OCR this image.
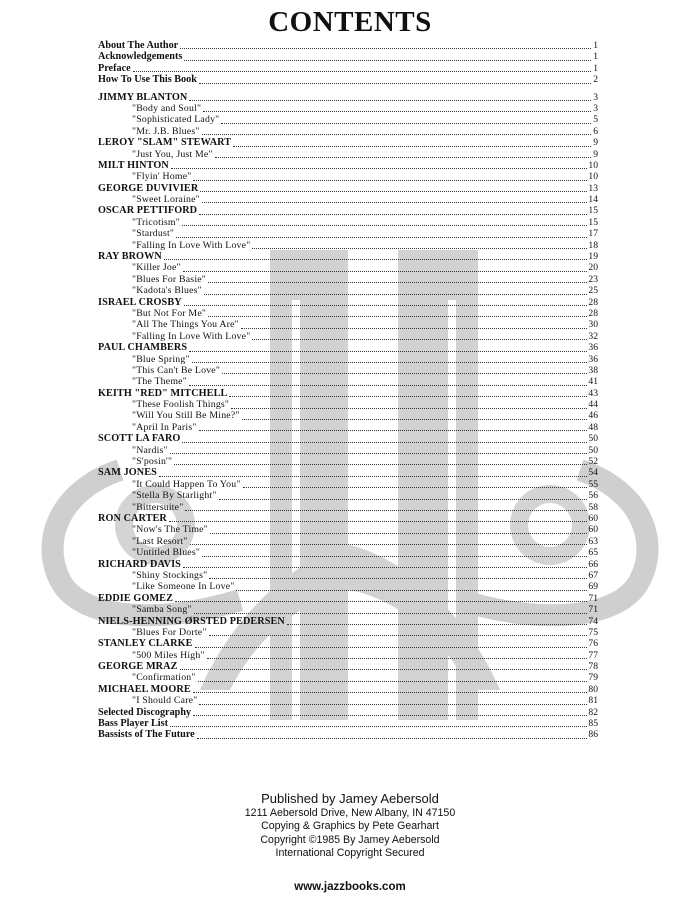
CONTENTS
About The Author	1
Acknowledgements	1
Preface	1
How To Use This Book	2
JIMMY BLANTON	3
"Body and Soul"	3
"Sophisticated Lady"	5
"Mr. J.B. Blues"	6
LEROY "SLAM" STEWART	9
"Just You, Just Me"	9
MILT HINTON	10
"Flyin' Home"	10
GEORGE DUVIVIER	13
"Sweet Loraine"	14
OSCAR PETTIFORD	15
"Tricotism"	15
"Stardust"	17
"Falling In Love With Love"	18
RAY BROWN	19
"Killer Joe"	20
"Blues For Basie"	23
"Kadota's Blues"	25
ISRAEL CROSBY	28
"But Not For Me"	28
"All The Things You Are"	30
"Falling In Love With Love"	32
PAUL CHAMBERS	36
"Blue Spring"	36
"This Can't Be Love"	38
"The Theme"	41
KEITH "RED" MITCHELL	43
"These Foolish Things"	44
"Will You Still Be Mine?"	46
"April In Paris"	48
SCOTT LA FARO	50
"Nardis"	50
"S'posin'"	52
SAM JONES	54
"It Could Happen To You"	55
"Stella By Starlight"	56
"Bittersuite"	58
RON CARTER	60
"Now's The Time"	60
"Last Resort"	63
"Untitled Blues"	65
RICHARD DAVIS	66
"Shiny Stockings"	67
"Like Someone In Love"	69
EDDIE GOMEZ	71
"Samba Song"	71
NIELS-HENNING ØRSTED PEDERSEN	74
"Blues For Dorte"	75
STANLEY CLARKE	76
"500 Miles High"	77
GEORGE MRAZ	78
"Confirmation"	79
MICHAEL MOORE	80
"I Should Care"	81
Selected Discography	82
Bass Player List	85
Bassists of The Future	86
Published by Jamey Aebersold
1211 Aebersold Drive, New Albany, IN 47150
Copying & Graphics by Pete Gearhart
Copyright ©1985 By Jamey Aebersold
International Copyright Secured
www.jazzbooks.com
